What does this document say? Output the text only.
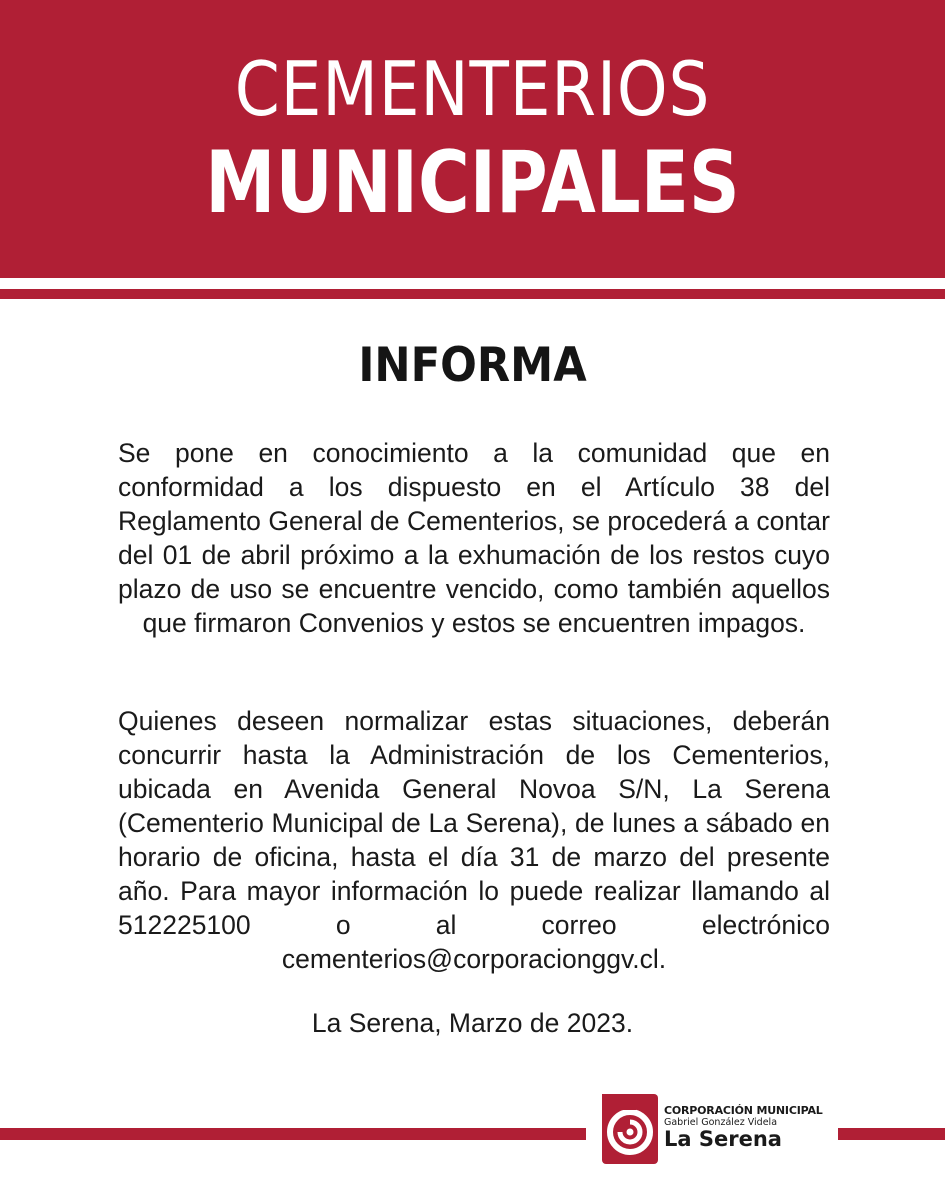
CEMENTERIOS
MUNICIPALES
INFORMA
Se pone en conocimiento a la comunidad que en conformidad a los dispuesto en el Artículo 38 del Reglamento General de Cementerios, se procederá a contar del 01 de abril próximo a la exhumación de los restos cuyo plazo de uso se encuentre vencido, como también aquellos que firmaron Convenios y estos se encuentren impagos.
Quienes deseen normalizar estas situaciones, deberán concurrir hasta la Administración de los Cementerios, ubicada en Avenida General Novoa S/N, La Serena (Cementerio Municipal de La Serena), de lunes a sábado en horario de oficina, hasta el día 31 de marzo del presente año. Para mayor información lo puede realizar llamando al 512225100 o al correo electrónico cementerios@corporacionggv.cl.
La Serena, Marzo de 2023.
CORPORACIÓN MUNICIPAL
Gabriel González Videla
La Serena
